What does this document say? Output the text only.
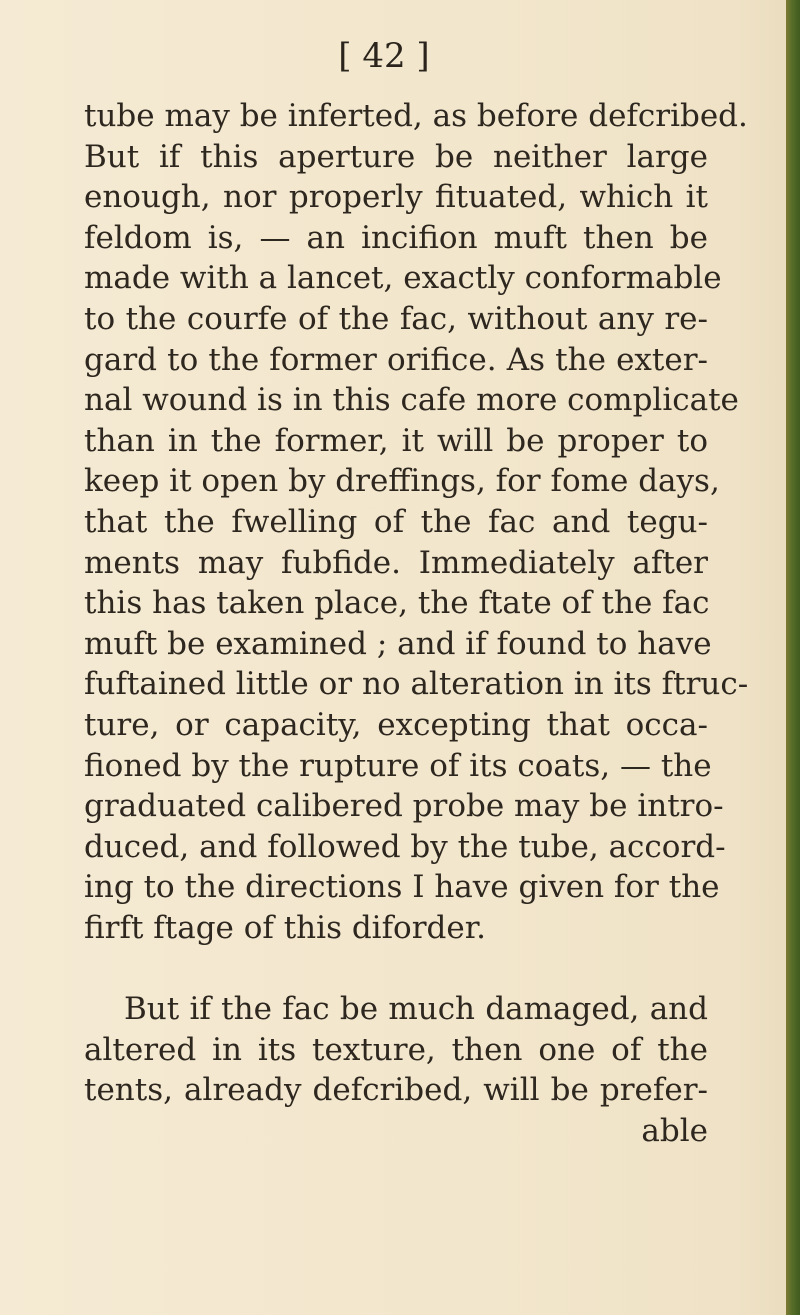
[ 42 ]
tube may be inferted, as before defcribed.
But if this aperture be neither large
enough, nor properly fituated, which it
feldom is, — an incifion muft then be
made with a lancet, exactly conformable
to the courfe of the fac, without any re-
gard to the former orifice. As the exter-
nal wound is in this cafe more complicate
than in the former, it will be proper to
keep it open by dreffings, for fome days,
that the fwelling of the fac and tegu-
ments may fubfide. Immediately after
this has taken place, the ftate of the fac
muft be examined ; and if found to have
fuftained little or no alteration in its ftruc-
ture, or capacity, excepting that occa-
fioned by the rupture of its coats, — the
graduated calibered probe may be intro-
duced, and followed by the tube, accord-
ing to the directions I have given for the
firft ftage of this diforder.
But if the fac be much damaged, and
altered in its texture, then one of the
tents, already defcribed, will be prefer-
able
